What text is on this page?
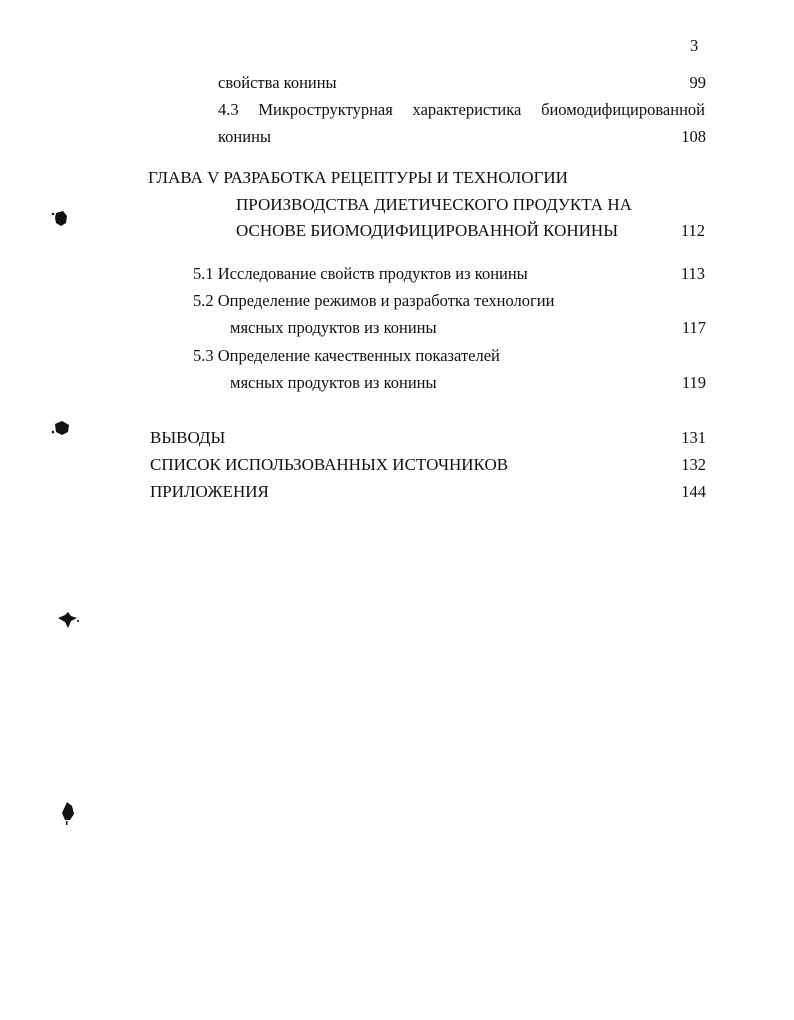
3
свойства конины	99
4.3 Микроструктурная характеристика биомодифицированной
конины	108
ГЛАВА V РАЗРАБОТКА РЕЦЕПТУРЫ И ТЕХНОЛОГИИ
ПРОИЗВОДСТВА ДИЕТИЧЕСКОГО ПРОДУКТА НА
ОСНОВЕ БИОМОДИФИЦИРОВАННОЙ КОНИНЫ	112
5.1 Исследование свойств продуктов из конины	113
5.2 Определение режимов и разработка технологии
мясных продуктов из конины	117
5.3 Определение качественных показателей
мясных продуктов из конины	119
ВЫВОДЫ	131
СПИСОК ИСПОЛЬЗОВАННЫХ ИСТОЧНИКОВ	132
ПРИЛОЖЕНИЯ	144
